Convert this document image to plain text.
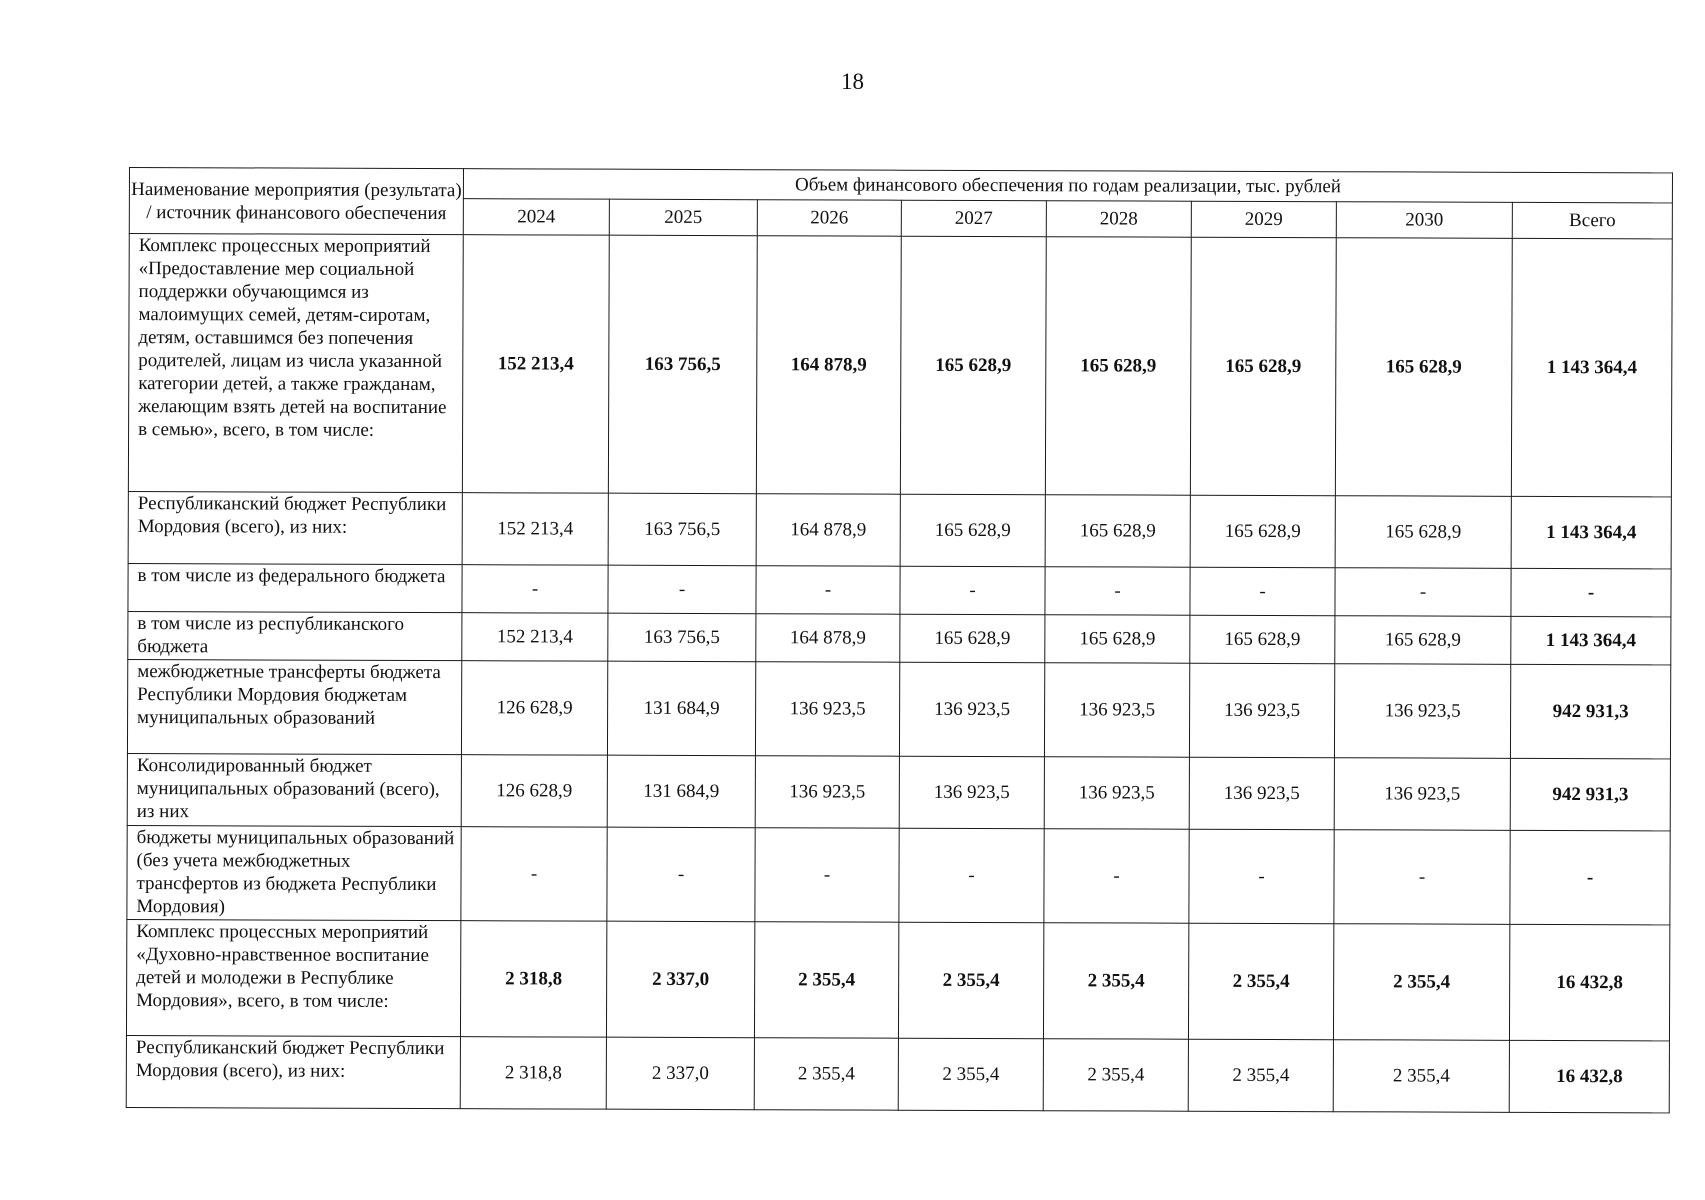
18
Наименование мероприятия (результата) / источник финансового обеспечения	Объем финансового обеспечения по годам реализации, тыс. рублей							
	2024	2025	2026	2027	2028	2029	2030	Всего
Комплекс процессных мероприятий «Предоставление мер социальной поддержки обучающимся из малоимущих семей, детям-сиротам, детям, оставшимся без попечения родителей, лицам из числа указанной категории детей, а также гражданам, желающим взять детей на воспитание в семью», всего, в том числе:	152 213,4	163 756,5	164 878,9	165 628,9	165 628,9	165 628,9	165 628,9	1 143 364,4
Республиканский бюджет Республики Мордовия (всего), из них:	152 213,4	163 756,5	164 878,9	165 628,9	165 628,9	165 628,9	165 628,9	1 143 364,4
в том числе из федерального бюджета	-	-	-	-	-	-	-	-
в том числе из республиканского бюджета	152 213,4	163 756,5	164 878,9	165 628,9	165 628,9	165 628,9	165 628,9	1 143 364,4
межбюджетные трансферты бюджета Республики Мордовия бюджетам муниципальных образований	126 628,9	131 684,9	136 923,5	136 923,5	136 923,5	136 923,5	136 923,5	942 931,3
Консолидированный бюджет муниципальных образований (всего), из них	126 628,9	131 684,9	136 923,5	136 923,5	136 923,5	136 923,5	136 923,5	942 931,3
бюджеты муниципальных образований (без учета межбюджетных трансфертов из бюджета Республики Мордовия)	-	-	-	-	-	-	-	-
Комплекс процессных мероприятий «Духовно-нравственное воспитание детей и молодежи в Республике Мордовия», всего, в том числе:	2 318,8	2 337,0	2 355,4	2 355,4	2 355,4	2 355,4	2 355,4	16 432,8
Республиканский бюджет Республики Мордовия (всего), из них:	2 318,8	2 337,0	2 355,4	2 355,4	2 355,4	2 355,4	2 355,4	16 432,8
